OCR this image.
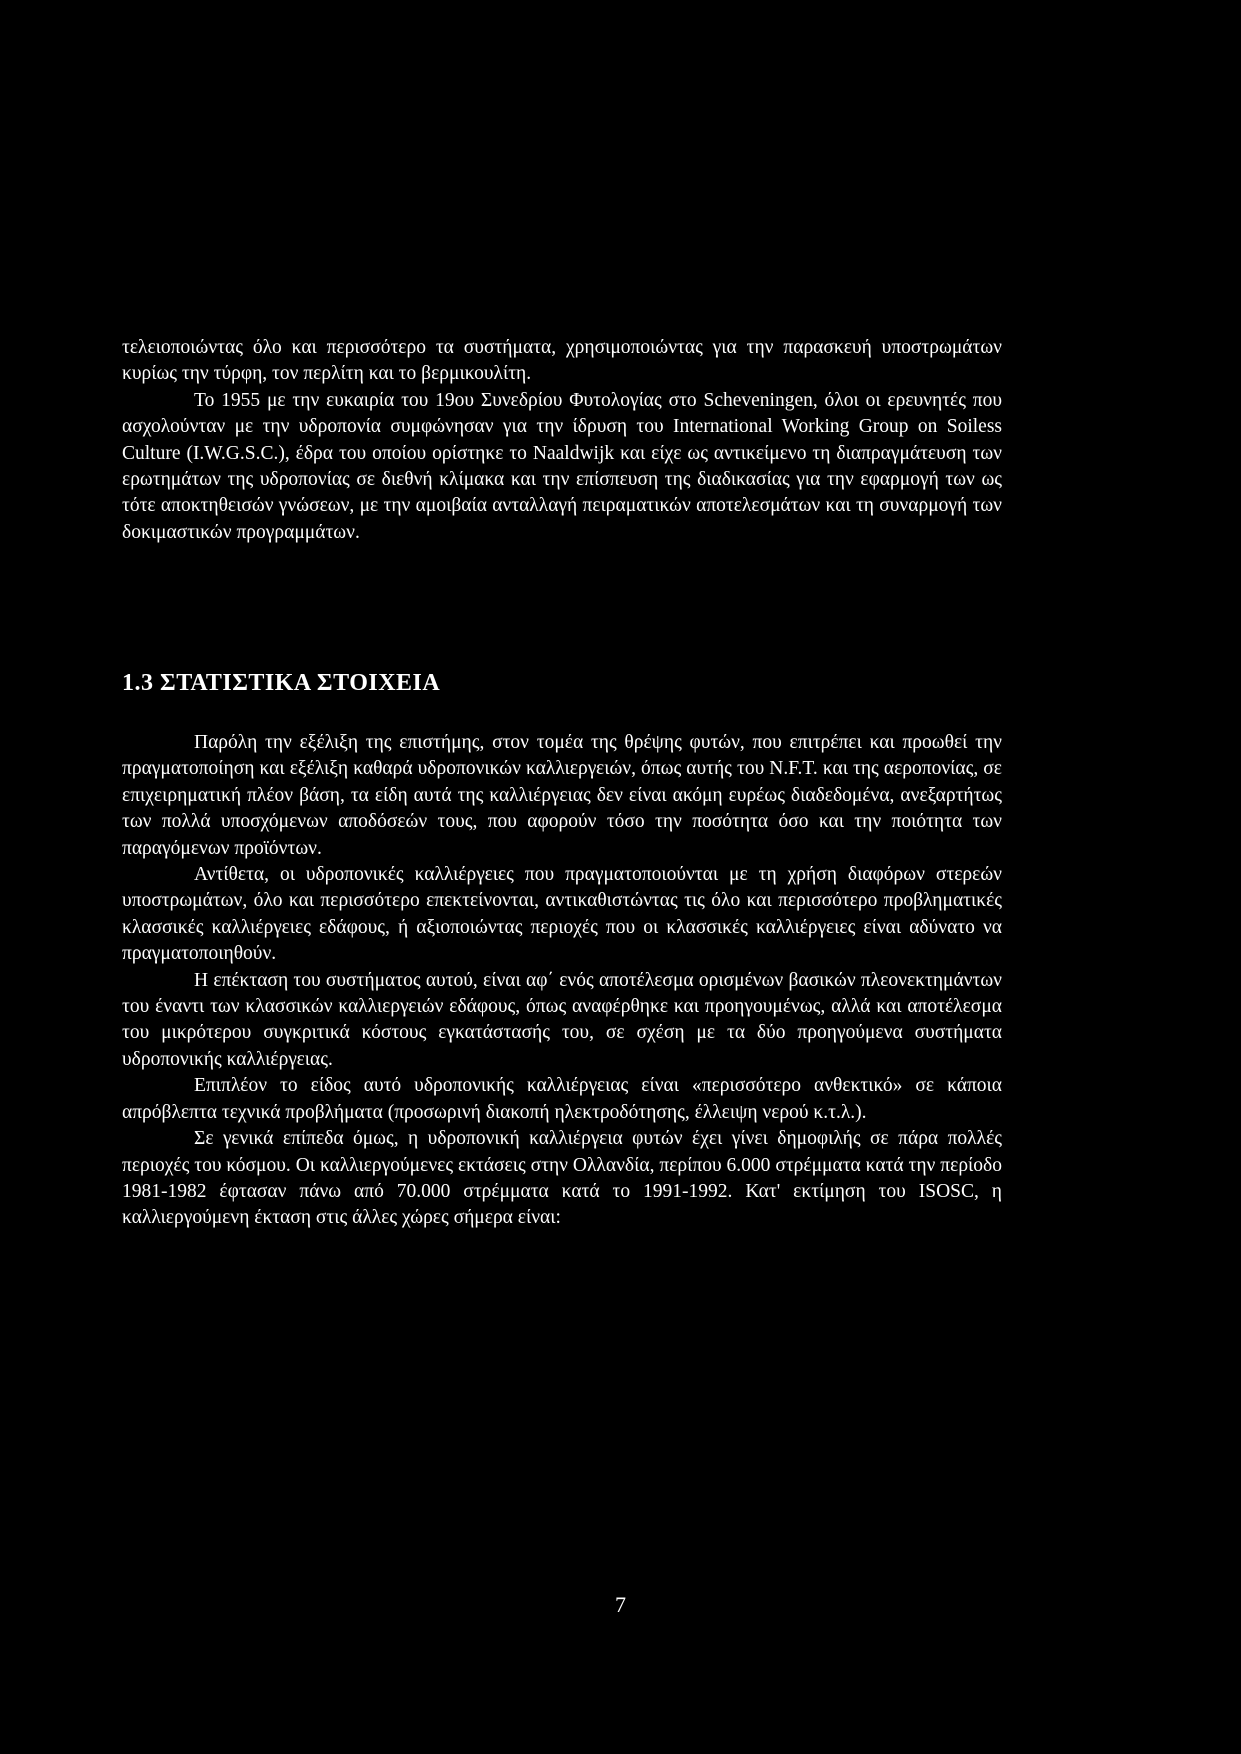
τελειοποιώντας όλο και περισσότερο τα συστήματα, χρησιμοποιώντας για την παρασκευή υποστρωμάτων κυρίως την τύρφη, τον περλίτη και το βερμικουλίτη.

Το 1955 με την ευκαιρία του 19ου Συνεδρίου Φυτολογίας στο Scheveningen, όλοι οι ερευνητές που ασχολούνταν με την υδροπονία συμφώνησαν για την ίδρυση του International Working Group on Soiless Culture (I.W.G.S.C.), έδρα του οποίου ορίστηκε το Naaldwijk και είχε ως αντικείμενο τη διαπραγμάτευση των ερωτημάτων της υδροπονίας σε διεθνή κλίμακα και την επίσπευση της διαδικασίας για την εφαρμογή των ως τότε αποκτηθεισών γνώσεων, με την αμοιβαία ανταλλαγή πειραματικών αποτελεσμάτων και τη συναρμογή των δοκιμαστικών προγραμμάτων.

1.3 ΣΤΑΤΙΣΤΙΚΑ ΣΤΟΙΧΕΙΑ

Παρόλη την εξέλιξη της επιστήμης, στον τομέα της θρέψης φυτών, που επιτρέπει και προωθεί την πραγματοποίηση και εξέλιξη καθαρά υδροπονικών καλλιεργειών, όπως αυτής του N.F.T. και της αεροπονίας, σε επιχειρηματική πλέον βάση, τα είδη αυτά της καλλιέργειας δεν είναι ακόμη ευρέως διαδεδομένα, ανεξαρτήτως των πολλά υποσχόμενων αποδόσεών τους, που αφορούν τόσο την ποσότητα όσο και την ποιότητα των παραγόμενων προϊόντων.

Αντίθετα, οι υδροπονικές καλλιέργειες που πραγματοποιούνται με τη χρήση διαφόρων στερεών υποστρωμάτων, όλο και περισσότερο επεκτείνονται, αντικαθιστώντας τις όλο και περισσότερο προβληματικές κλασσικές καλλιέργειες εδάφους, ή αξιοποιώντας περιοχές που οι κλασσικές καλλιέργειες είναι αδύνατο να πραγματοποιηθούν.

Η επέκταση του συστήματος αυτού, είναι αφ΄ ενός αποτέλεσμα ορισμένων βασικών πλεονεκτημάντων του έναντι των κλασσικών καλλιεργειών εδάφους, όπως αναφέρθηκε και προηγουμένως, αλλά και αποτέλεσμα του μικρότερου συγκριτικά κόστους εγκατάστασής του, σε σχέση με τα δύο προηγούμενα συστήματα υδροπονικής καλλιέργειας.

Επιπλέον το είδος αυτό υδροπονικής καλλιέργειας είναι «περισσότερο ανθεκτικό» σε κάποια απρόβλεπτα τεχνικά προβλήματα (προσωρινή διακοπή ηλεκτροδότησης, έλλειψη νερού κ.τ.λ.).

Σε γενικά επίπεδα όμως, η υδροπονική καλλιέργεια φυτών έχει γίνει δημοφιλής σε πάρα πολλές περιοχές του κόσμου. Οι καλλιεργούμενες εκτάσεις στην Ολλανδία, περίπου 6.000 στρέμματα κατά την περίοδο 1981-1982 έφτασαν πάνω από 70.000 στρέμματα κατά το 1991-1992. Κατ' εκτίμηση του ISOSC, η καλλιεργούμενη έκταση στις άλλες χώρες σήμερα είναι:

7
